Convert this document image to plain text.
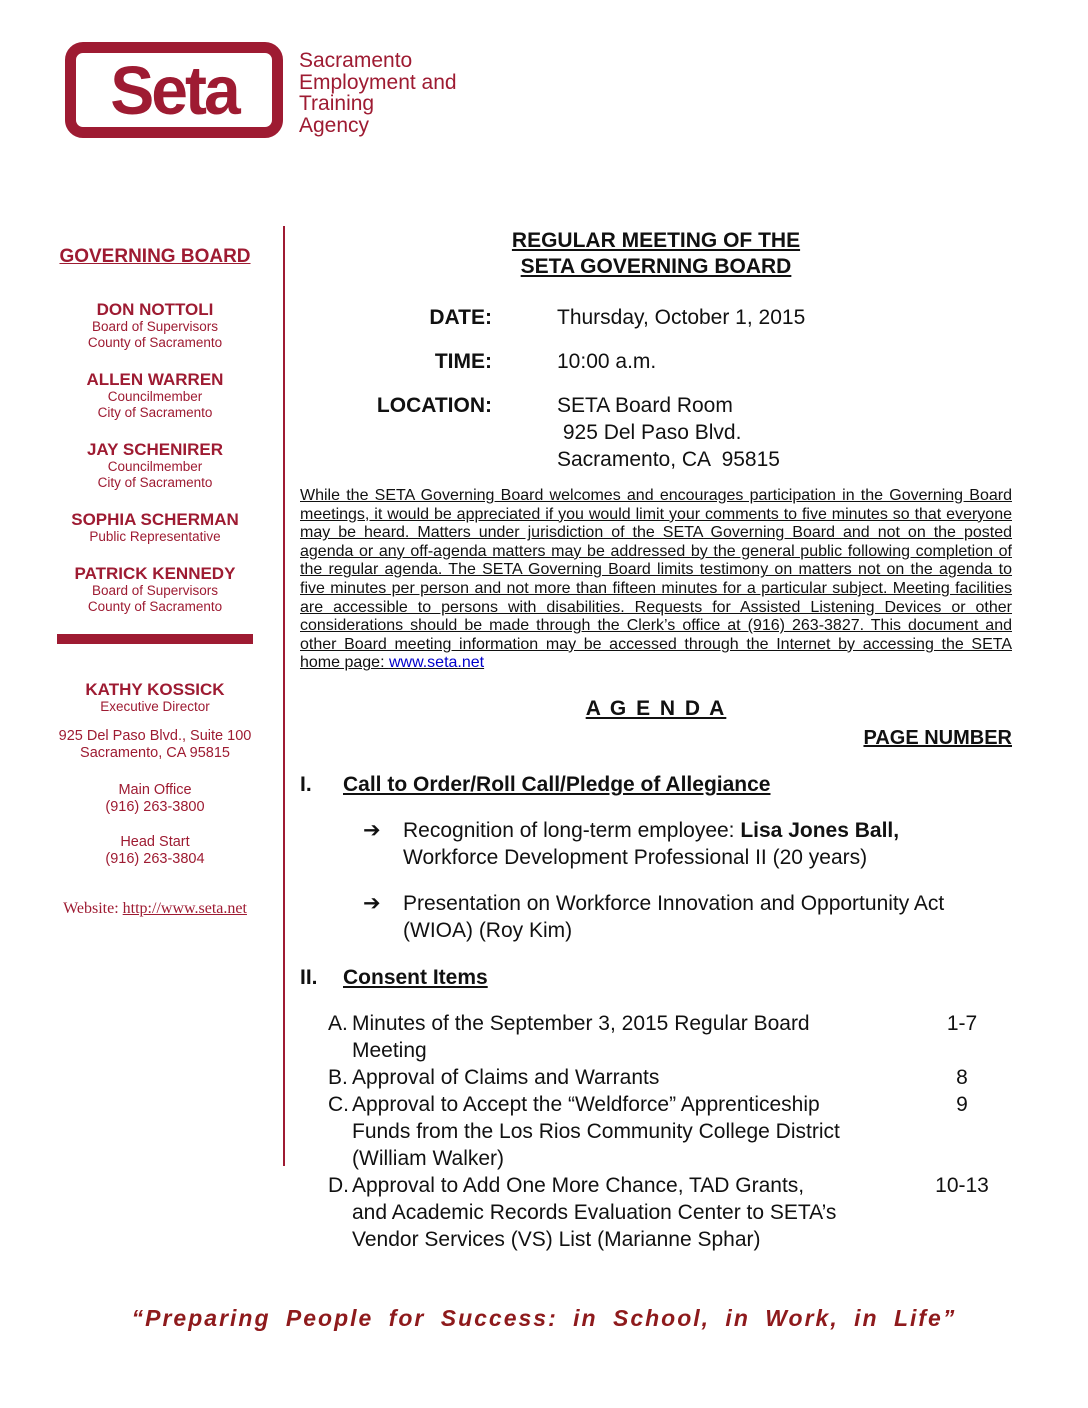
Seta	Sacramento
Employment and
Training
Agency
GOVERNING BOARD
DON NOTTOLI
Board of Supervisors
County of Sacramento
ALLEN WARREN
Councilmember
City of Sacramento
JAY SCHENIRER
Councilmember
City of Sacramento
SOPHIA SCHERMAN
Public Representative
PATRICK KENNEDY
Board of Supervisors
County of Sacramento
KATHY KOSSICK
Executive Director
925 Del Paso Blvd., Suite 100
Sacramento, CA 95815
Main Office
(916) 263-3800
Head Start
(916) 263-3804
Website: http://www.seta.net
REGULAR MEETING OF THE
SETA GOVERNING BOARD
DATE:	Thursday, October 1, 2015
TIME:	10:00 a.m.
LOCATION:	SETA Board Room
925 Del Paso Blvd.
Sacramento, CA  95815
While the SETA Governing Board welcomes and encourages participation in the Governing Board meetings, it would be appreciated if you would limit your comments to five minutes so that everyone may be heard. Matters under jurisdiction of the SETA Governing Board and not on the posted agenda or any off-agenda matters may be addressed by the general public following completion of the regular agenda. The SETA Governing Board limits testimony on matters not on the agenda to five minutes per person and not more than fifteen minutes for a particular subject. Meeting facilities are accessible to persons with disabilities. Requests for Assisted Listening Devices or other considerations should be made through the Clerk’s office at (916) 263-3827. This document and other Board meeting information may be accessed through the Internet by accessing the SETA home page: www.seta.net
A G E N D A
PAGE NUMBER
I.	Call to Order/Roll Call/Pledge of Allegiance
➔	Recognition of long-term employee: Lisa Jones Ball,
Workforce Development Professional II (20 years)
➔	Presentation on Workforce Innovation and Opportunity Act
(WIOA) (Roy Kim)
II.	Consent Items
A. Minutes of the September 3, 2015 Regular Board
Meeting
1-7
B. Approval of Claims and Warrants	8
C. Approval to Accept the “Weldforce” Apprenticeship
Funds from the Los Rios Community College District
(William Walker)
9
D. Approval to Add One More Chance, TAD Grants,
and Academic Records Evaluation Center to SETA’s
Vendor Services (VS) List (Marianne Sphar)
10-13
“Preparing People for Success: in School, in Work, in Life”
